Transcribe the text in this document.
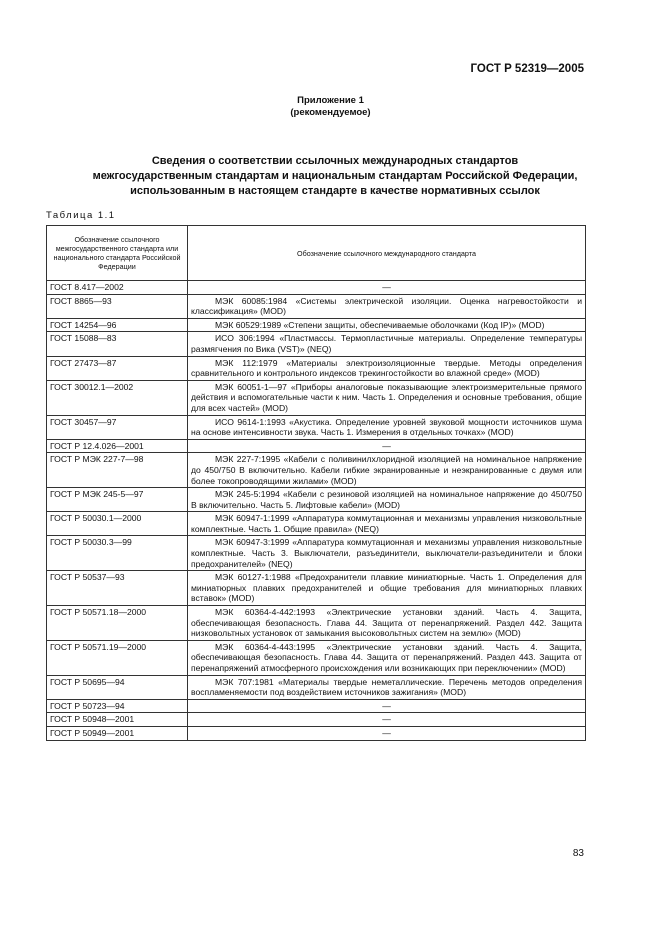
ГОСТ Р 52319—2005
Приложение 1
(рекомендуемое)
Сведения о соответствии ссылочных международных стандартов
межгосударственным стандартам и национальным стандартам Российской Федерации,
использованным в настоящем стандарте в качестве нормативных ссылок
Таблица 1.1
Обозначение ссылочного межгосударственного стандарта или национального стандарта Российской Федерации	Обозначение ссылочного международного стандарта
ГОСТ 8.417—2002	—
ГОСТ 8865—93	МЭК 60085:1984 «Системы электрической изоляции. Оценка нагревостойкости и классификация» (MOD)
ГОСТ 14254—96	МЭК 60529:1989 «Степени защиты, обеспечиваемые оболочками (Код IP)» (MOD)
ГОСТ 15088—83	ИСО 306:1994 «Пластмассы. Термопластичные материалы. Определение температуры размягчения по Вика (VST)» (NEQ)
ГОСТ 27473—87	МЭК 112:1979 «Материалы электроизоляционные твердые. Методы определения сравнительного и контрольного индексов трекингостойкости во влажной среде» (MOD)
ГОСТ 30012.1—2002	МЭК 60051-1—97 «Приборы аналоговые показывающие электроизмерительные прямого действия и вспомогательные части к ним. Часть 1. Определения и основные требования, общие для всех частей» (MOD)
ГОСТ 30457—97	ИСО 9614-1:1993 «Акустика. Определение уровней звуковой мощности источников шума на основе интенсивности звука. Часть 1. Измерения в отдельных точках» (MOD)
ГОСТ Р 12.4.026—2001	—
ГОСТ Р МЭК 227-7—98	МЭК 227-7:1995 «Кабели с поливинилхлоридной изоляцией на номинальное напряжение до 450/750 В включительно. Кабели гибкие экранированные и неэкранированные с двумя или более токопроводящими жилами» (MOD)
ГОСТ Р МЭК 245-5—97	МЭК 245-5:1994 «Кабели с резиновой изоляцией на номинальное напряжение до 450/750 В включительно. Часть 5. Лифтовые кабели» (MOD)
ГОСТ Р 50030.1—2000	МЭК 60947-1:1999 «Аппаратура коммутационная и механизмы управления низковольтные комплектные. Часть 1. Общие правила» (NEQ)
ГОСТ Р 50030.3—99	МЭК 60947-3:1999 «Аппаратура коммутационная и механизмы управления низковольтные комплектные. Часть 3. Выключатели, разъединители, выключатели-разъединители и блоки предохранителей» (NEQ)
ГОСТ Р 50537—93	МЭК 60127-1:1988 «Предохранители плавкие миниатюрные. Часть 1. Определения для миниатюрных плавких предохранителей и общие требования для миниатюрных плавких вставок» (MOD)
ГОСТ Р 50571.18—2000	МЭК 60364-4-442:1993 «Электрические установки зданий. Часть 4. Защита, обеспечивающая безопасность. Глава 44. Защита от перенапряжений. Раздел 442. Защита низковольтных установок от замыкания высоковольтных систем на землю» (MOD)
ГОСТ Р 50571.19—2000	МЭК 60364-4-443:1995 «Электрические установки зданий. Часть 4. Защита, обеспечивающая безопасность. Глава 44. Защита от перенапряжений. Раздел 443. Защита от перенапряжений атмосферного происхождения или возникающих при переключении» (MOD)
ГОСТ Р 50695—94	МЭК 707:1981 «Материалы твердые неметаллические. Перечень методов определения воспламеняемости под воздействием источников зажигания» (MOD)
ГОСТ Р 50723—94	—
ГОСТ Р 50948—2001	—
ГОСТ Р 50949—2001	—
83
